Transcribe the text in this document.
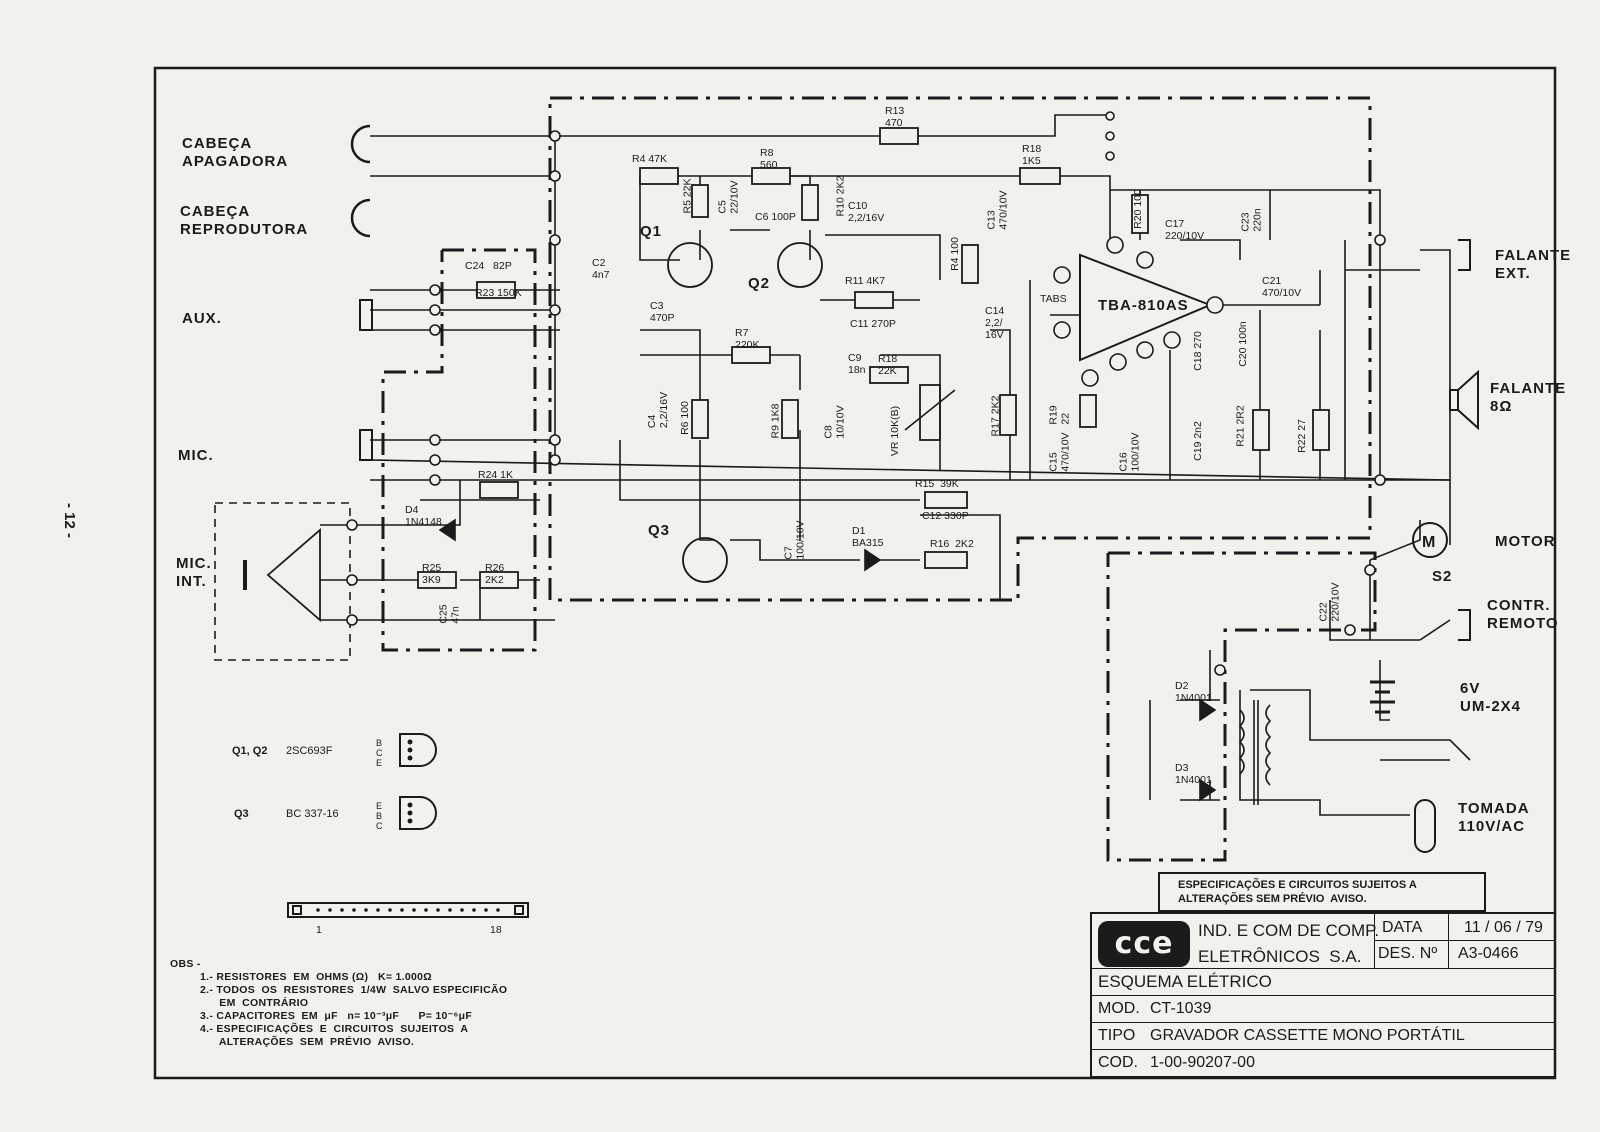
M
- 12 -
CABEÇA
APAGADORA
CABEÇA
REPRODUTORA
AUX.
MIC.
MIC.
INT.
FALANTE
EXT.
FALANTE
8Ω
MOTOR
S2
CONTR.
REMOTO
6V
UM-2X4
TOMADA
110V/AC
R13
470
R4 47K	R8
560
R5 22K C5
22/10V	R10 2K2 C10
2,2/16V
C6 100P
R18
1K5
C13
470/10V	R20 100 C17
220/10V
C23
220n
Q1
Q2
Q3
C24   82P
R23 150K
C2
4n7
C3
470P
R7
220K
R11 4K7
R4 100
C11 270P
C9
18n
R18
22K
C14
2,2/
16V
TBA-810AS
TABS
C21
470/10V
R9 1K8	C8
10/10V
R6 100
C4
2,2/16V	VR 10K(B)	R17 2K2	R19
22
C15
470/10V	C16
100/10V
C18 270
C19 2n2
C20 100n
R21 2R2	R22 27
R24 1K
D4
1N4148
R15  39K
C12 330P
R16  2K2
C7
100/10V	D1
BA315
R25
3K9
R26
2K2
C25
47n	C22
220/10V
D2
1N4001
D3
1N4001
Q1, Q2 2SC693F
B
C
E
Q3	BC 337-16
E
B
C
1	18
OBS -
1.- RESISTORES  EM  OHMS (Ω)   K= 1.000Ω
2.- TODOS  OS  RESISTORES  1/4W  SALVO ESPECIFICÃO
EM  CONTRÁRIO
3.- CAPACITORES  EM  μF   n= 10⁻³μF      P= 10⁻⁶μF
4.- ESPECIFICAÇÕES  E  CIRCUITOS  SUJEITOS  A
ALTERAÇÕES  SEM  PRÉVIO  AVISO.
ESPECIFICAÇÕES E CIRCUITOS SUJEITOS A
ALTERAÇÕES SEM PRÉVIO  AVISO.
cce	IND. E COM DE COMP.
ELETRÔNICOS  S.A.
DATA	11 / 06 / 79
DES. Nº A3-0466
ESQUEMA ELÉTRICO
MOD. CT-1039
TIPO GRAVADOR CASSETTE MONO PORTÁTIL
COD. 1-00-90207-00
